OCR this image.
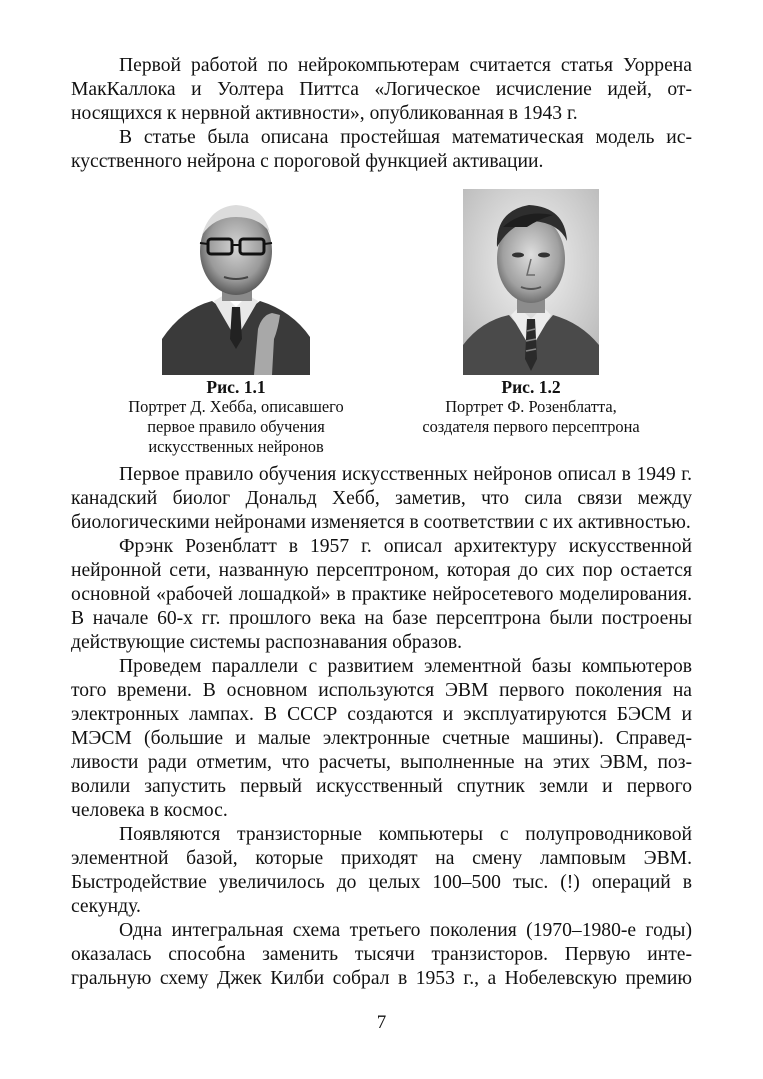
Первой работой по нейрокомпьютерам считается статья Уоррена МакКаллока и Уолтера Питтса «Логическое исчисление идей, относящихся к нервной активности», опубликованная в 1943 г.

В статье была описана простейшая математическая модель искусственного нейрона с пороговой функцией активации.

Рис. 1.1
Портрет Д. Хебба, описавшего
первое правило обучения
искусственных нейронов
Рис. 1.2
Портрет Ф. Розенблатта,
создателя первого персептрона

Первое правило обучения искусственных нейронов описал в 1949 г. канадский биолог Дональд Хебб, заметив, что сила связи между биологическими нейронами изменяется в соответствии с их активностью.

Фрэнк Розенблатт в 1957 г. описал архитектуру искусственной нейронной сети, названную персептроном, которая до сих пор остается основной «рабочей лошадкой» в практике нейросетевого моделирования. В начале 60-х гг. прошлого века на базе персептрона были построены действующие системы распознавания образов.

Проведем параллели с развитием элементной базы компьютеров того времени. В основном используются ЭВМ первого поколения на электронных лампах. В СССР создаются и эксплуатируются БЭСМ и МЭСМ (большие и малые электронные счетные машины). Справедливости ради отметим, что расчеты, выполненные на этих ЭВМ, позволили запустить первый искусственный спутник земли и первого человека в космос.

Появляются транзисторные компьютеры с полупроводниковой элементной базой, которые приходят на смену ламповым ЭВМ. Быстродействие увеличилось до целых 100–500 тыс. (!) операций в секунду.

Одна интегральная схема третьего поколения (1970–1980-е годы) оказалась способна заменить тысячи транзисторов. Первую интегральную схему Джек Килби собрал в 1953 г., а Нобелевскую премию

7
